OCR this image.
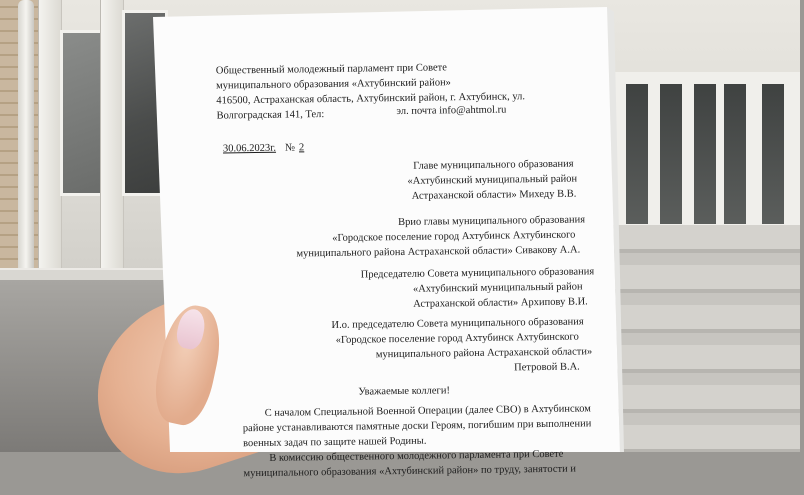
Общественный молодежный парламент при Совете
муниципального образования «Ахтубинский район»
416500, Астраханская область, Ахтубинский район, г. Ахтубинск, ул.
Волгоградская 141, Тел:	эл. почта info@ahtmol.ru
30.06.2023г. № 2
Главе муниципального образования
«Ахтубинский муниципальный район
Астраханской области» Михеду В.В.
Врио главы муниципального образования
«Городское поселение город Ахтубинск Ахтубинского
муниципального района Астраханской области» Сивакову А.А.
Председателю Совета муниципального образования
«Ахтубинский муниципальный район
Астраханской области» Архипову В.И.
И.о. председателю Совета муниципального образования
«Городское поселение город Ахтубинск Ахтубинского
муниципального района Астраханской области»
Петровой В.А.
Уважаемые коллеги!
С началом Специальной Военной Операции (далее СВО) в Ахтубинском
районе устанавливаются памятные доски Героям, погибшим при выполнении
военных задач по защите нашей Родины.
В комиссию общественного молодежного парламента при Совете
муниципального образования «Ахтубинский район» по труду, занятости и
